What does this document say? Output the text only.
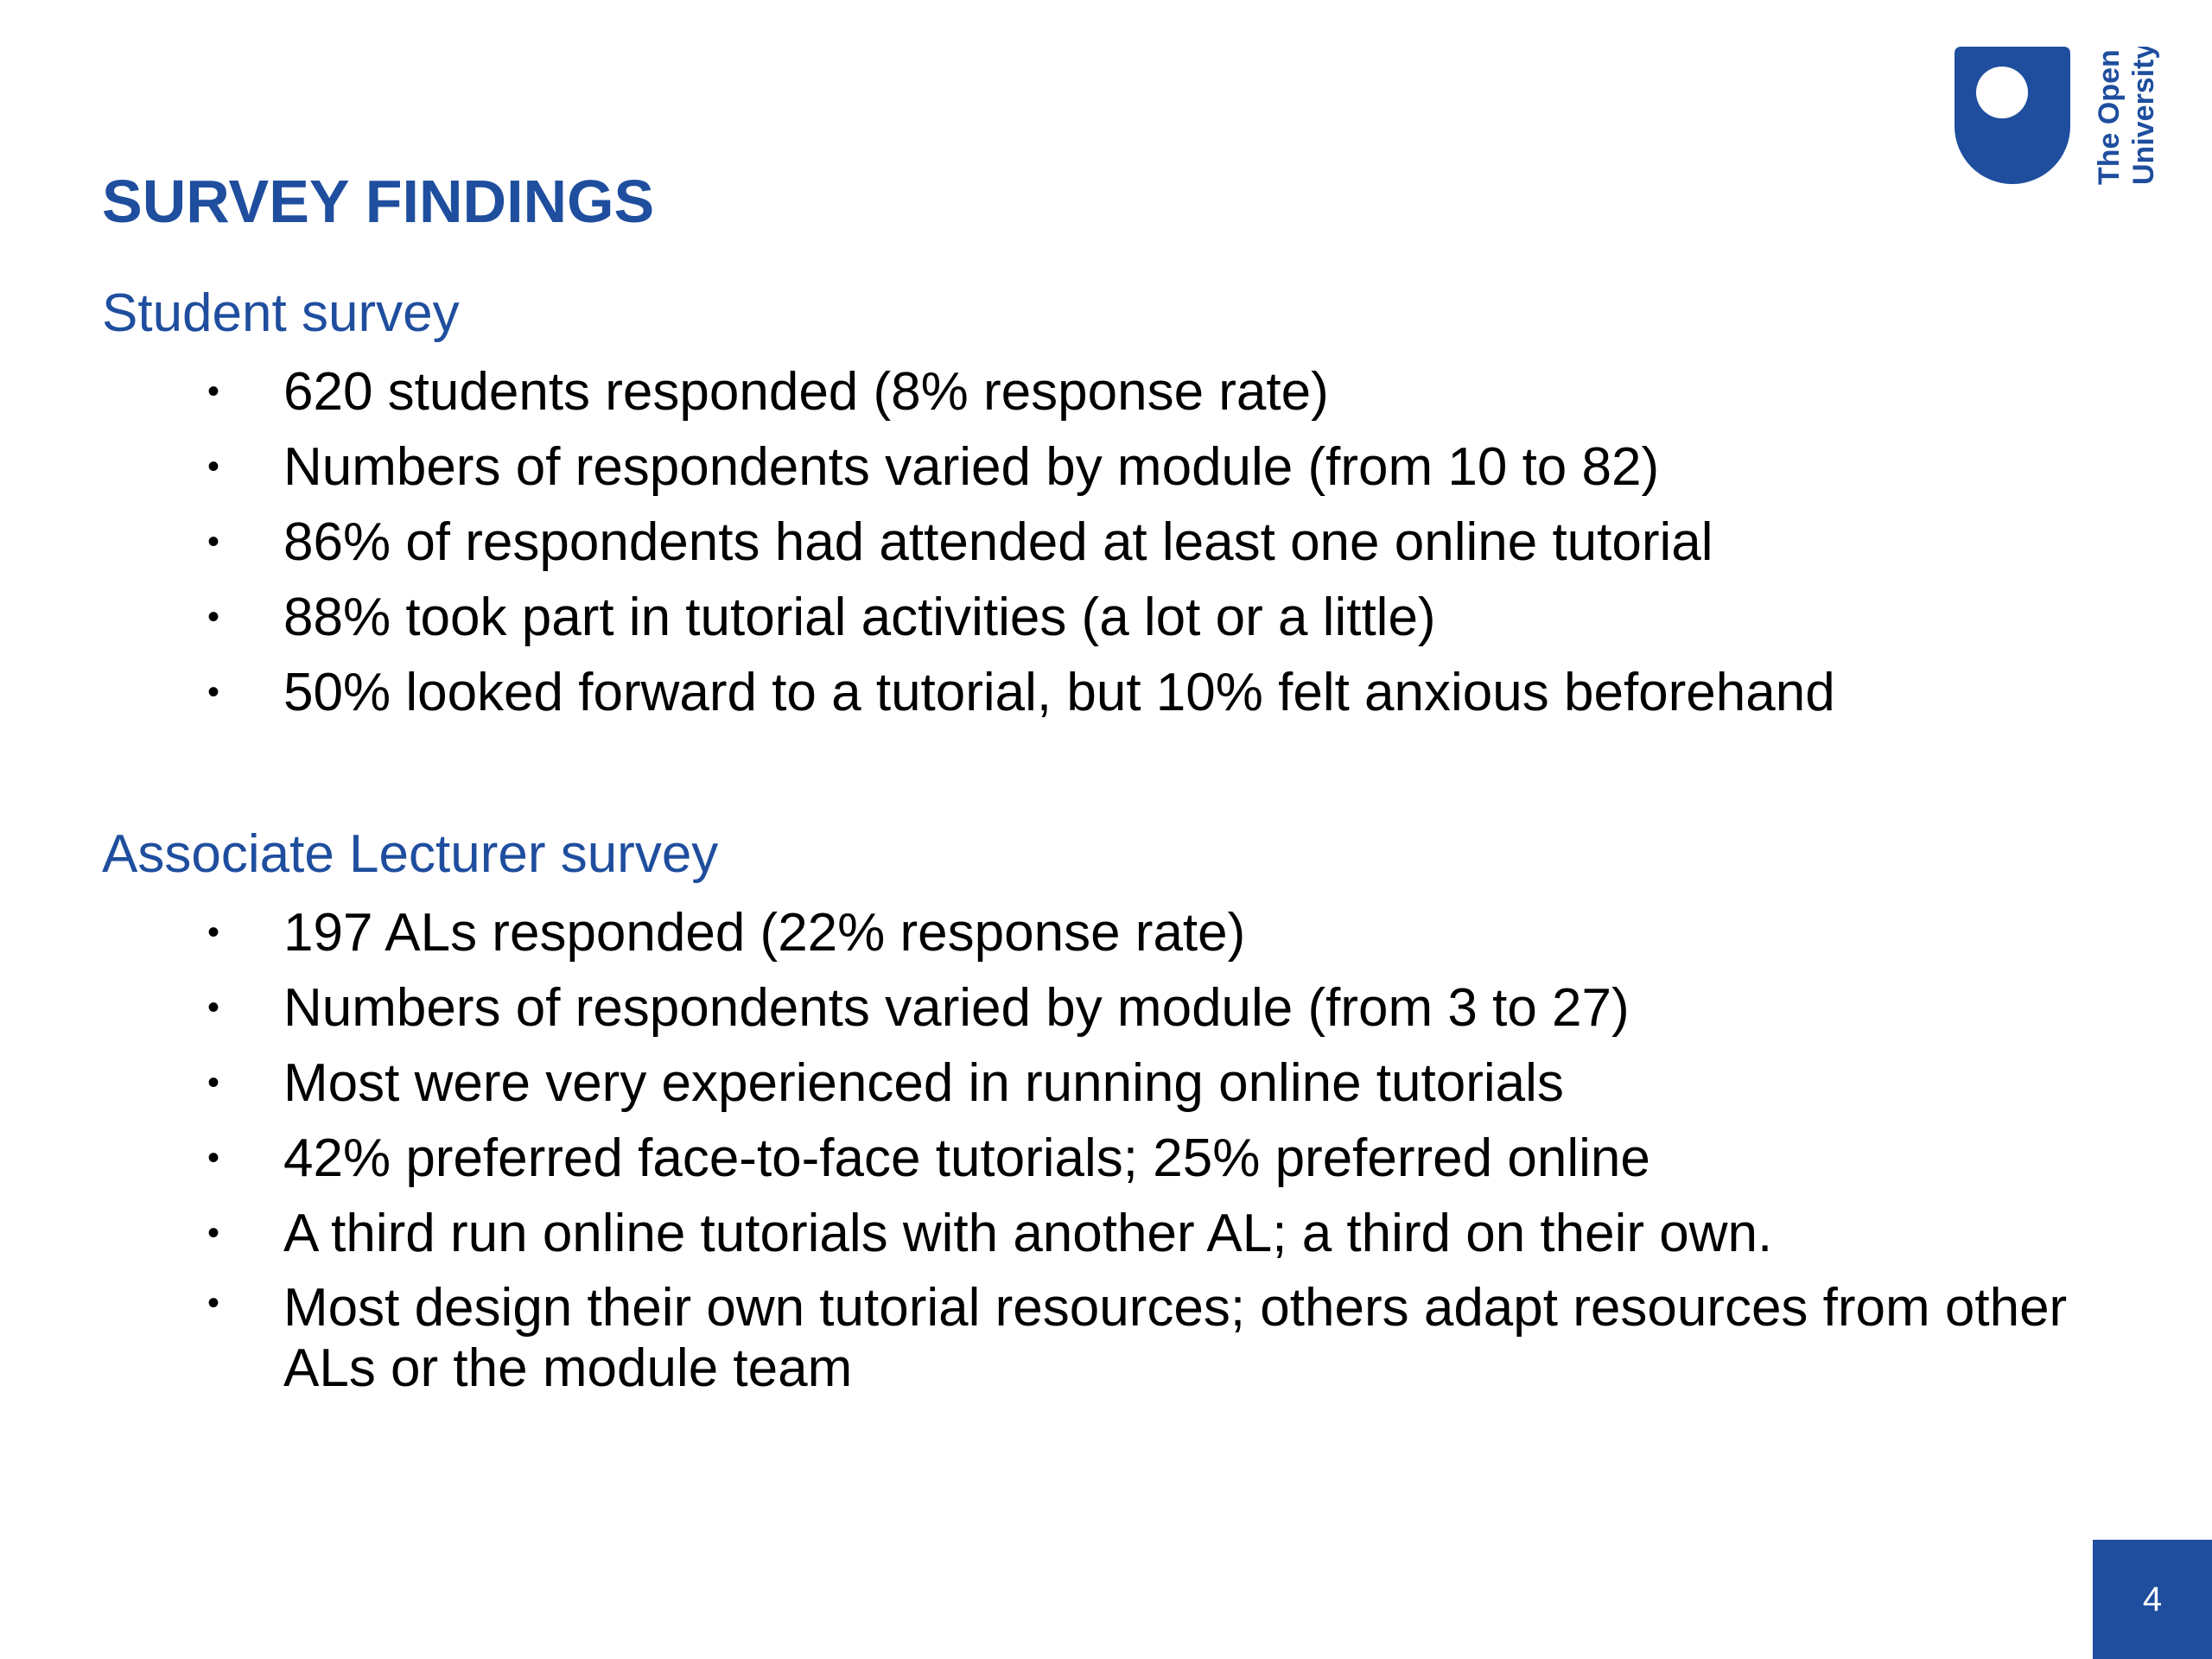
SURVEY FINDINGS
The Open University
Student survey
• 620 students responded (8% response rate)
• Numbers of respondents varied by module (from 10 to 82)
• 86% of respondents had attended at least one online tutorial
• 88% took part in tutorial activities (a lot or a little)
• 50% looked forward to a tutorial, but 10% felt anxious beforehand
Associate Lecturer survey
• 197 ALs responded (22% response rate)
• Numbers of respondents varied by module (from 3 to 27)
• Most were very experienced in running online tutorials
• 42% preferred face-to-face tutorials; 25% preferred online
• A third run online tutorials with another AL; a third on their own.
• Most design their own tutorial resources; others adapt resources from other ALs or the module team
4
